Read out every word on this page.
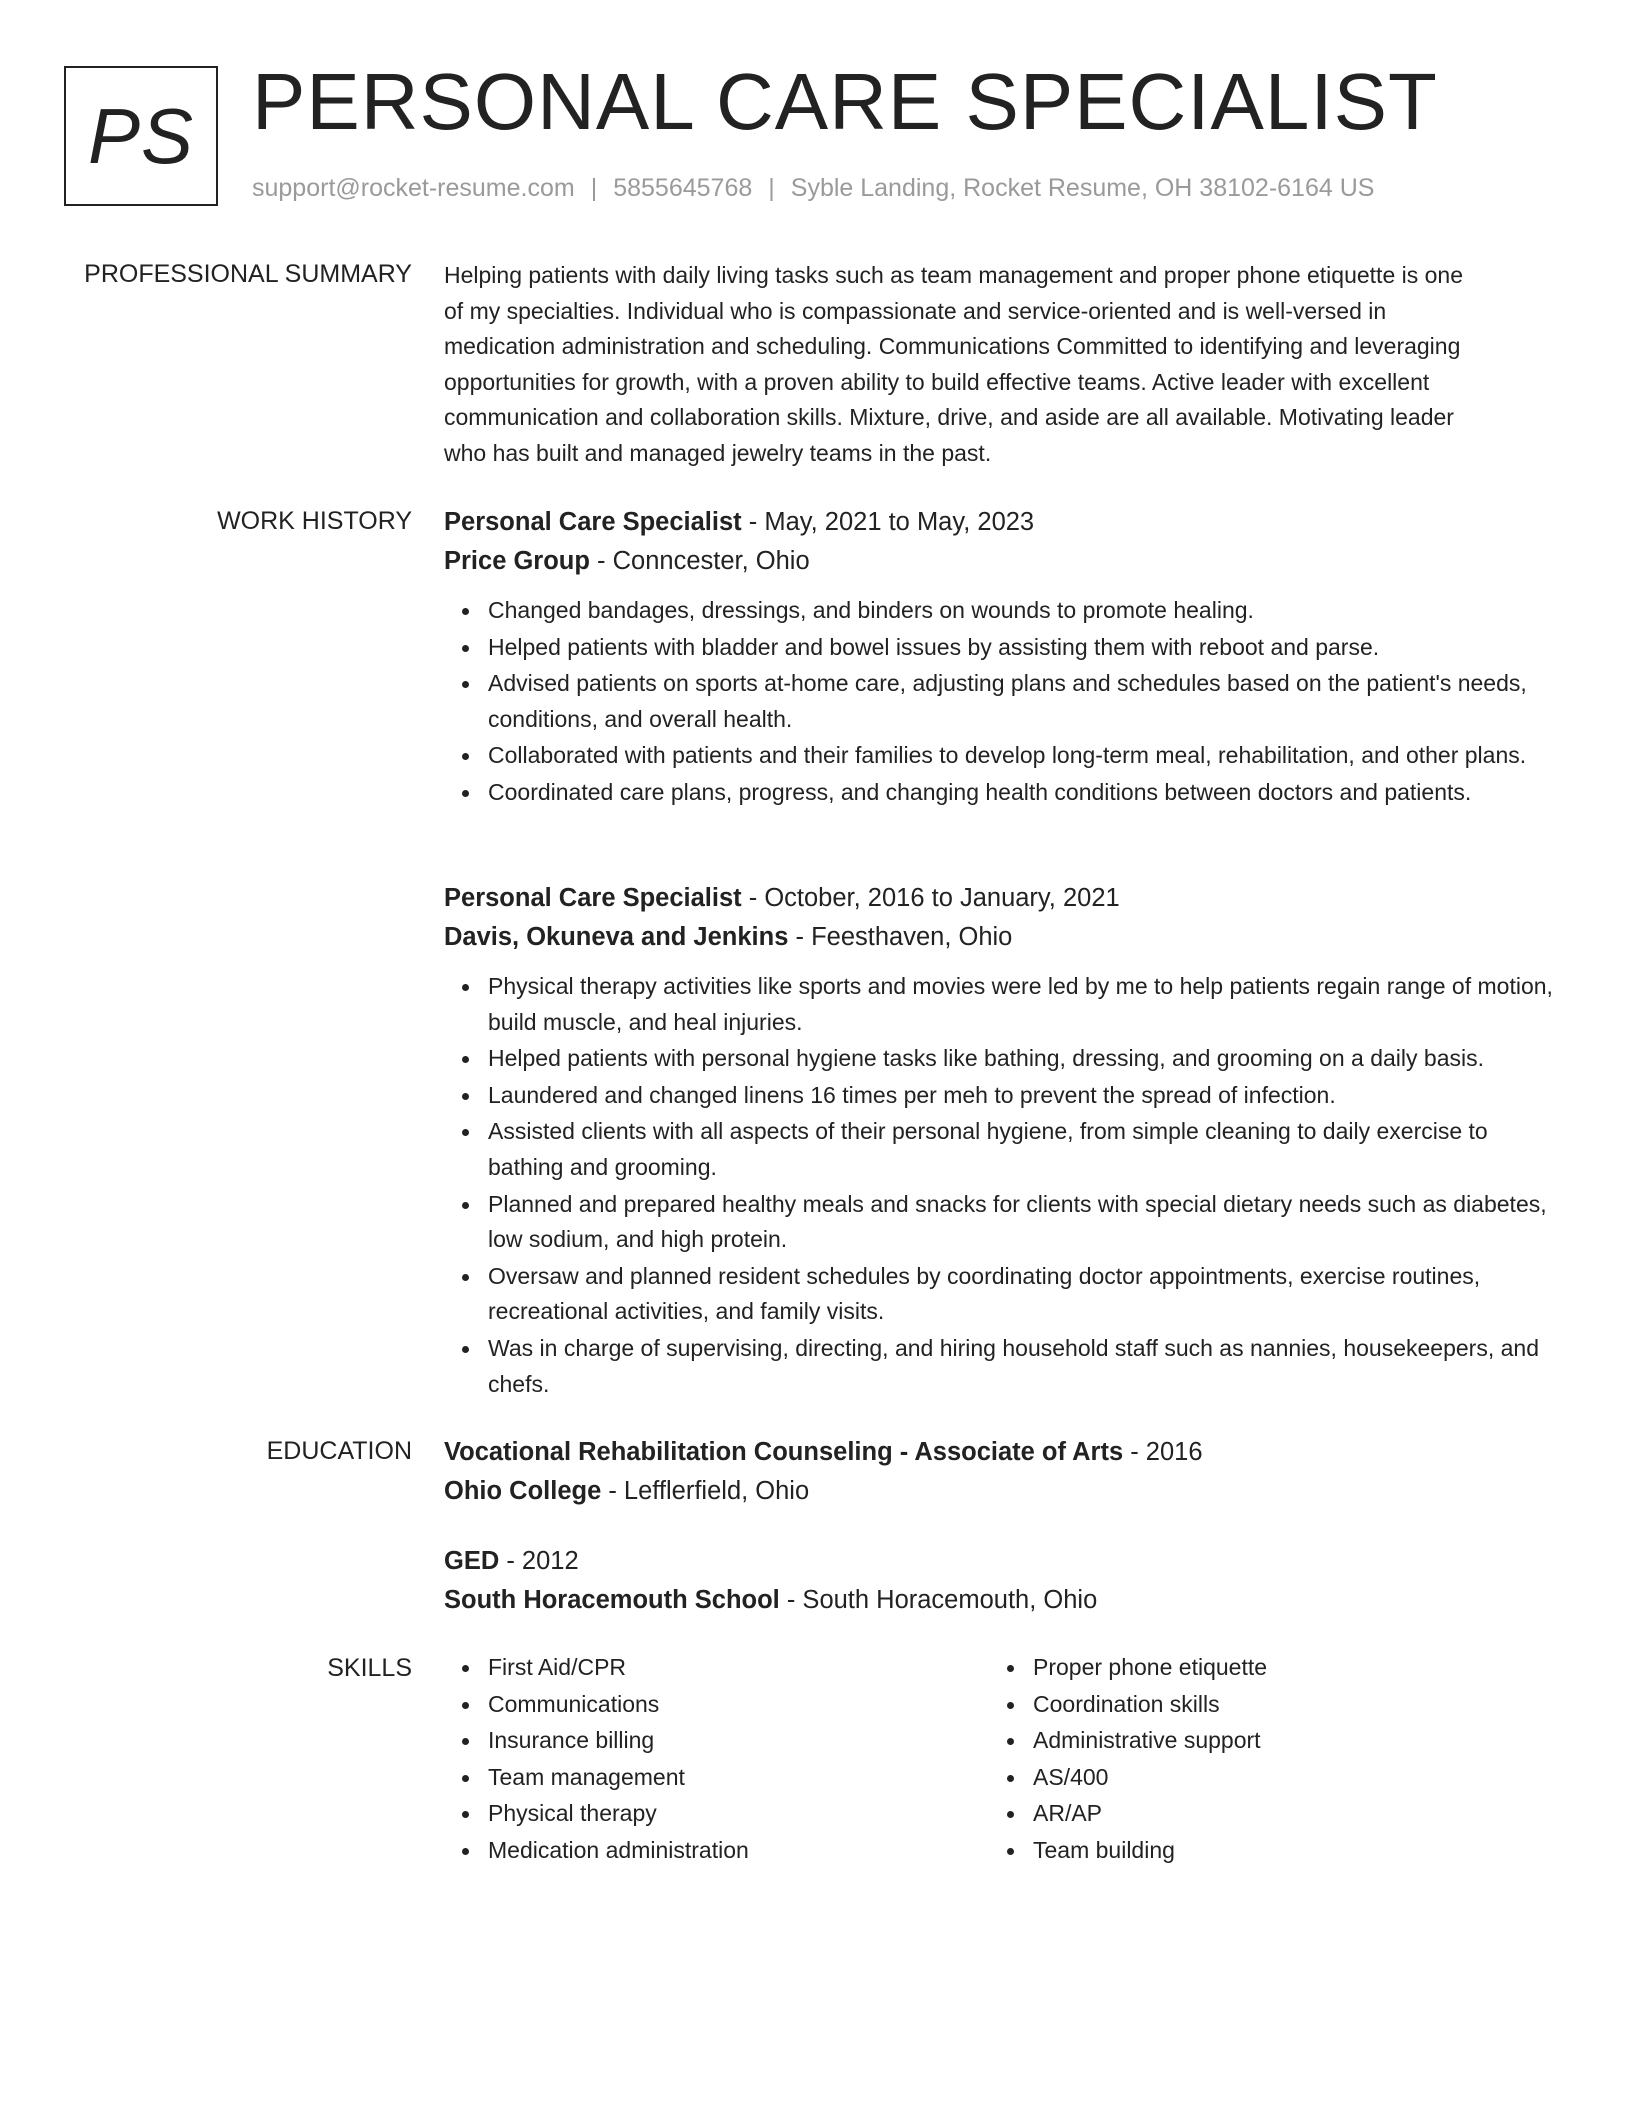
PS PERSONAL CARE SPECIALIST
support@rocket-resume.com | 5855645768 | Syble Landing, Rocket Resume, OH 38102-6164 US
PROFESSIONAL SUMMARY Helping patients with daily living tasks such as team management and proper phone etiquette is one
of my specialties. Individual who is compassionate and service-oriented and is well-versed in
medication administration and scheduling. Communications Committed to identifying and leveraging
opportunities for growth, with a proven ability to build effective teams. Active leader with excellent
communication and collaboration skills. Mixture, drive, and aside are all available. Motivating leader
who has built and managed jewelry teams in the past.

WORK HISTORY Personal Care Specialist - May, 2021 to May, 2023

Price Group - Conncester, Ohio

Changed bandages, dressings, and binders on wounds to promote healing.
Helped patients with bladder and bowel issues by assisting them with reboot and parse.
Advised patients on sports at-home care, adjusting plans and schedules based on the patient's needs, conditions, and overall health.
Collaborated with patients and their families to develop long-term meal, rehabilitation, and other plans.
Coordinated care plans, progress, and changing health conditions between doctors and patients.

Personal Care Specialist - October, 2016 to January, 2021

Davis, Okuneva and Jenkins - Feesthaven, Ohio

Physical therapy activities like sports and movies were led by me to help patients regain range of motion, build muscle, and heal injuries.
Helped patients with personal hygiene tasks like bathing, dressing, and grooming on a daily basis.
Laundered and changed linens 16 times per meh to prevent the spread of infection.
Assisted clients with all aspects of their personal hygiene, from simple cleaning to daily exercise to bathing and grooming.
Planned and prepared healthy meals and snacks for clients with special dietary needs such as diabetes, low sodium, and high protein.
Oversaw and planned resident schedules by coordinating doctor appointments, exercise routines, recreational activities, and family visits.
Was in charge of supervising, directing, and hiring household staff such as nannies, housekeepers, and chefs.
EDUCATION Vocational Rehabilitation Counseling - Associate of Arts - 2016

Ohio College - Lefflerfield, Ohio

GED - 2012

South Horacemouth School - South Horacemouth, Ohio

SKILLS	First Aid/CPR
Communications
Insurance billing
Team management
Physical therapy
Medication administration
Proper phone etiquette
Coordination skills
Administrative support
AS/400
AR/AP
Team building
